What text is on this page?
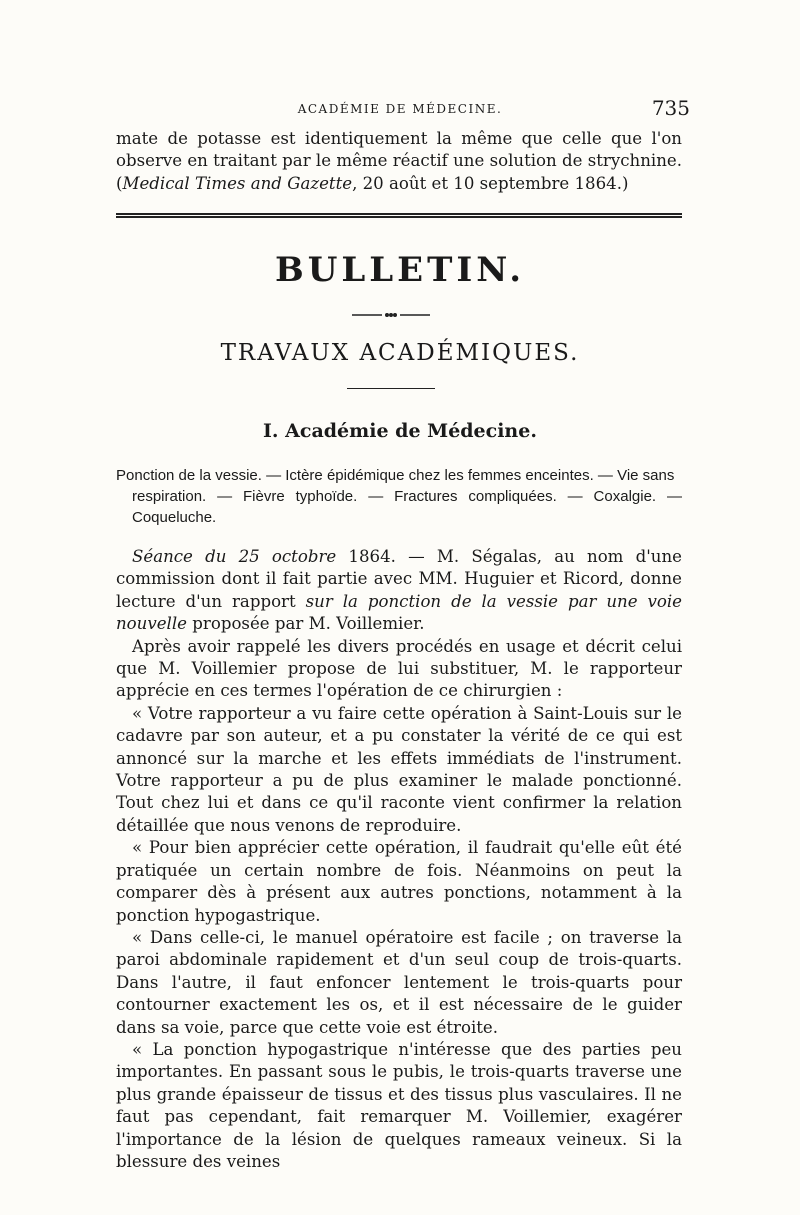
ACADÉMIE DE MÉDECINE.	735

mate de potasse est identiquement la même que celle que l'on observe en traitant par le même réactif une solution de strychnine. (Medical Times and Gazette, 20 août et 10 septembre 1864.)

BULLETIN.
TRAVAUX ACADÉMIQUES.
I. Académie de Médecine.
Ponction de la vessie. — Ictère épidémique chez les femmes enceintes. — Vie sans
respiration. — Fièvre typhoïde. — Fractures compliquées. — Coxalgie. — Coqueluche.

Séance du 25 octobre 1864. — M. Ségalas, au nom d'une commission dont il fait partie avec MM. Huguier et Ricord, donne lecture d'un rapport sur la ponction de la vessie par une voie nouvelle proposée par M. Voillemier.

Après avoir rappelé les divers procédés en usage et décrit celui que M. Voillemier propose de lui substituer, M. le rapporteur apprécie en ces termes l'opération de ce chirurgien :

« Votre rapporteur a vu faire cette opération à Saint-Louis sur le cadavre par son auteur, et a pu constater la vérité de ce qui est annoncé sur la marche et les effets immédiats de l'instrument. Votre rapporteur a pu de plus examiner le malade ponctionné. Tout chez lui et dans ce qu'il raconte vient confirmer la relation détaillée que nous venons de reproduire.

« Pour bien apprécier cette opération, il faudrait qu'elle eût été pratiquée un certain nombre de fois. Néanmoins on peut la comparer dès à présent aux autres ponctions, notamment à la ponction hypogastrique.

« Dans celle-ci, le manuel opératoire est facile ; on traverse la paroi abdominale rapidement et d'un seul coup de trois-quarts. Dans l'autre, il faut enfoncer lentement le trois-quarts pour contourner exactement les os, et il est nécessaire de le guider dans sa voie, parce que cette voie est étroite.

« La ponction hypogastrique n'intéresse que des parties peu importantes. En passant sous le pubis, le trois-quarts traverse une plus grande épaisseur de tissus et des tissus plus vasculaires. Il ne faut pas cependant, fait remarquer M. Voillemier, exagérer l'importance de la lésion de quelques rameaux veineux. Si la blessure des veines
